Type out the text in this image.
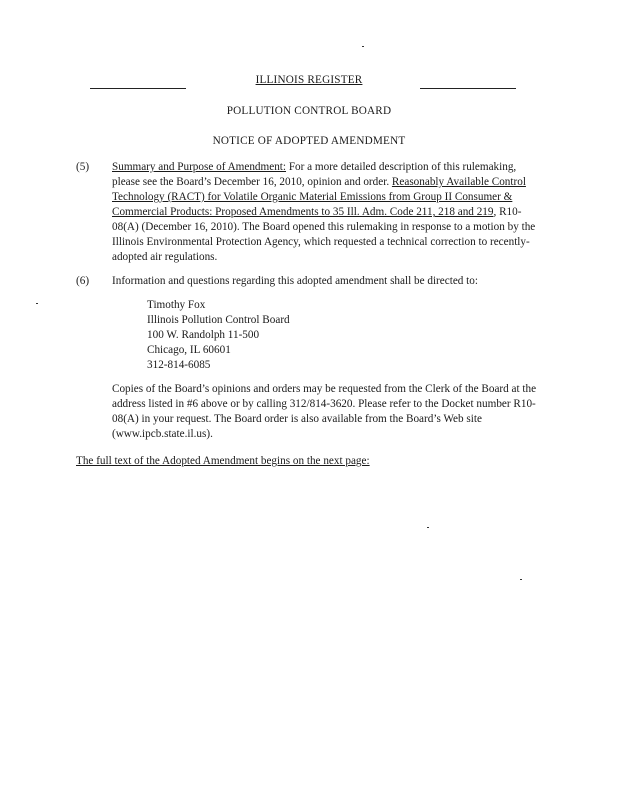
ILLINOIS REGISTER
POLLUTION CONTROL BOARD
NOTICE OF ADOPTED AMENDMENT
(5) Summary and Purpose of Amendment: For a more detailed description of this rulemaking, please see the Board’s December 16, 2010, opinion and order. Reasonably Available Control Technology (RACT) for Volatile Organic Material Emissions from Group II Consumer & Commercial Products: Proposed Amendments to 35 Ill. Adm. Code 211, 218 and 219, R10-08(A) (December 16, 2010). The Board opened this rulemaking in response to a motion by the Illinois Environmental Protection Agency, which requested a technical correction to recently-adopted air regulations.
(6) Information and questions regarding this adopted amendment shall be directed to:
Timothy Fox
Illinois Pollution Control Board
100 W. Randolph 11-500
Chicago, IL 60601
312-814-6085
Copies of the Board’s opinions and orders may be requested from the Clerk of the Board at the address listed in #6 above or by calling 312/814-3620. Please refer to the Docket number R10-08(A) in your request. The Board order is also available from the Board’s Web site (www.ipcb.state.il.us).
The full text of the Adopted Amendment begins on the next page:
